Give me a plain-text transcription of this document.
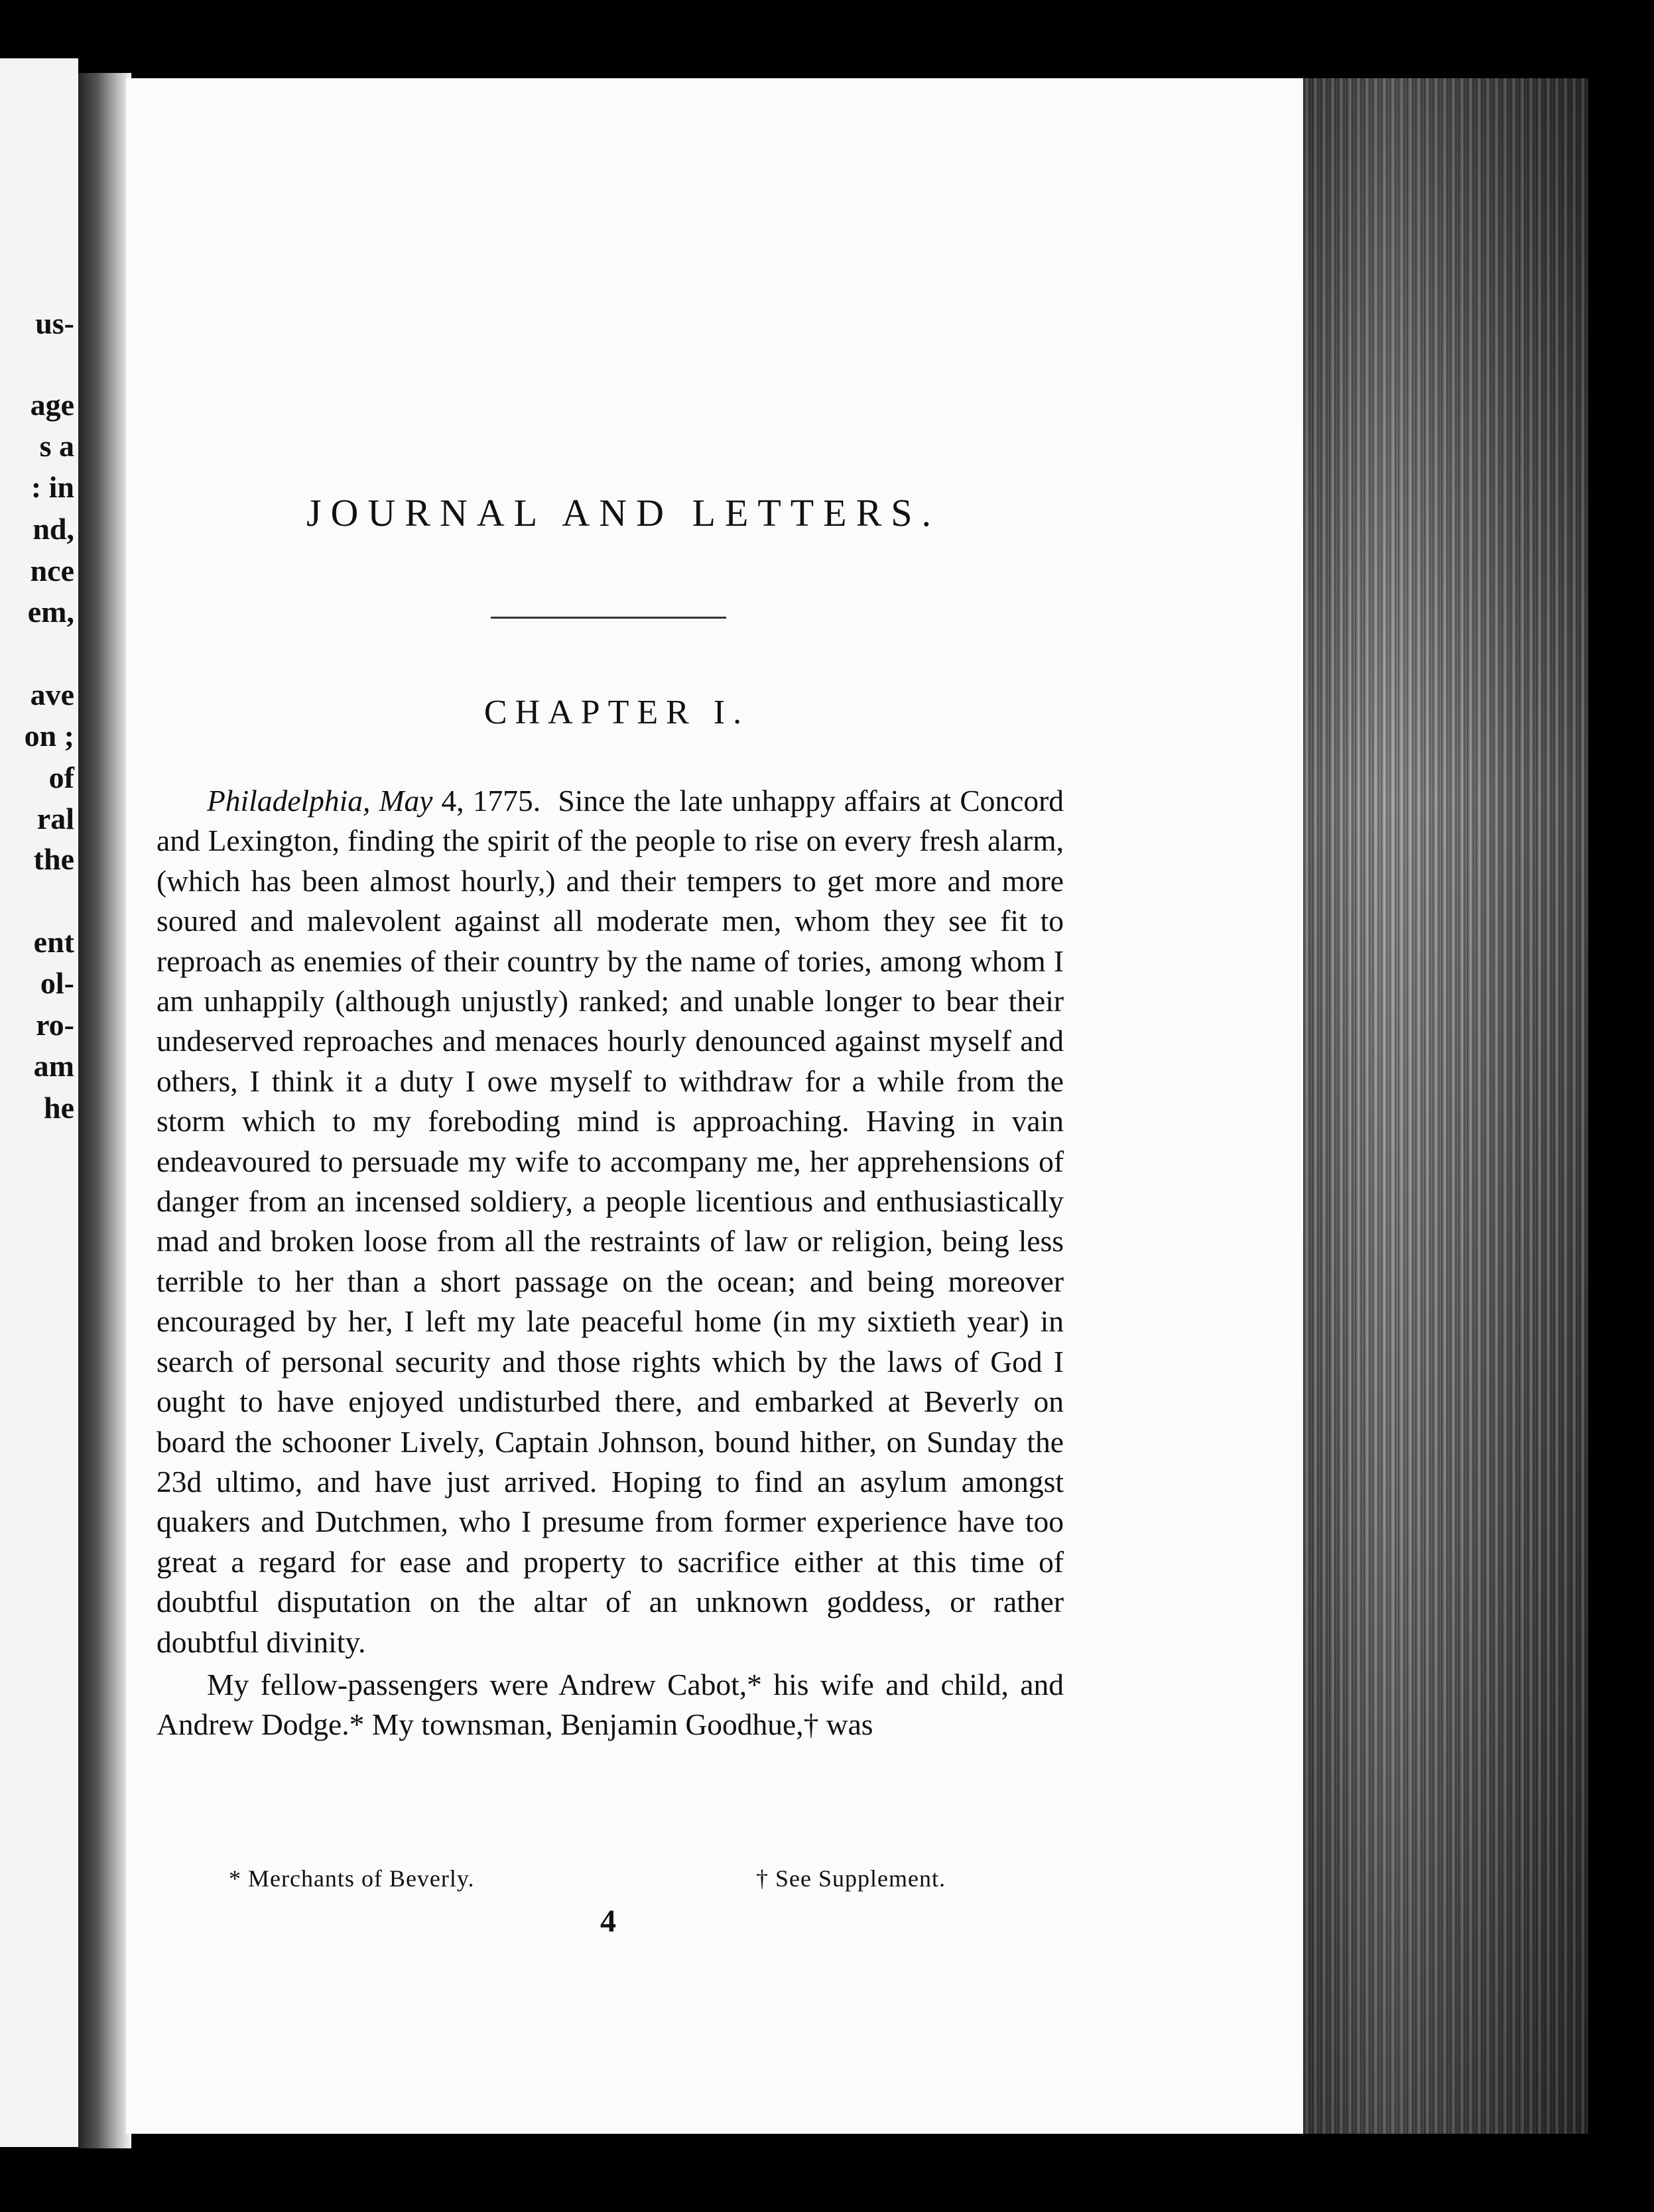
us-
age
s a
: in
nd,
nce
em,
ave
on ;
of
ral
the
ent
ol-
ro-
am
he
JOURNAL AND LETTERS.
CHAPTER I.

Philadelphia, May 4, 1775. Since the late unhappy affairs at Concord and Lexington, finding the spirit of the people to rise on every fresh alarm, (which has been almost hourly,) and their tempers to get more and more soured and malevolent against all moderate men, whom they see fit to reproach as enemies of their country by the name of tories, among whom I am unhappily (although unjustly) ranked; and unable longer to bear their undeserved reproaches and menaces hourly denounced against myself and others, I think it a duty I owe myself to withdraw for a while from the storm which to my foreboding mind is approaching. Having in vain endeavoured to persuade my wife to accompany me, her apprehensions of danger from an incensed soldiery, a people licentious and enthusiastically mad and broken loose from all the restraints of law or religion, being less terrible to her than a short passage on the ocean; and being moreover encouraged by her, I left my late peaceful home (in my sixtieth year) in search of personal security and those rights which by the laws of God I ought to have enjoyed undisturbed there, and embarked at Beverly on board the schooner Lively, Captain Johnson, bound hither, on Sunday the 23d ultimo, and have just arrived. Hoping to find an asylum amongst quakers and Dutchmen, who I presume from former experience have too great a regard for ease and property to sacrifice either at this time of doubtful disputation on the altar of an unknown goddess, or rather doubtful divinity.

My fellow-passengers were Andrew Cabot,* his wife and child, and Andrew Dodge.* My townsman, Benjamin Goodhue,† was

* Merchants of Beverly.	† See Supplement.
4
